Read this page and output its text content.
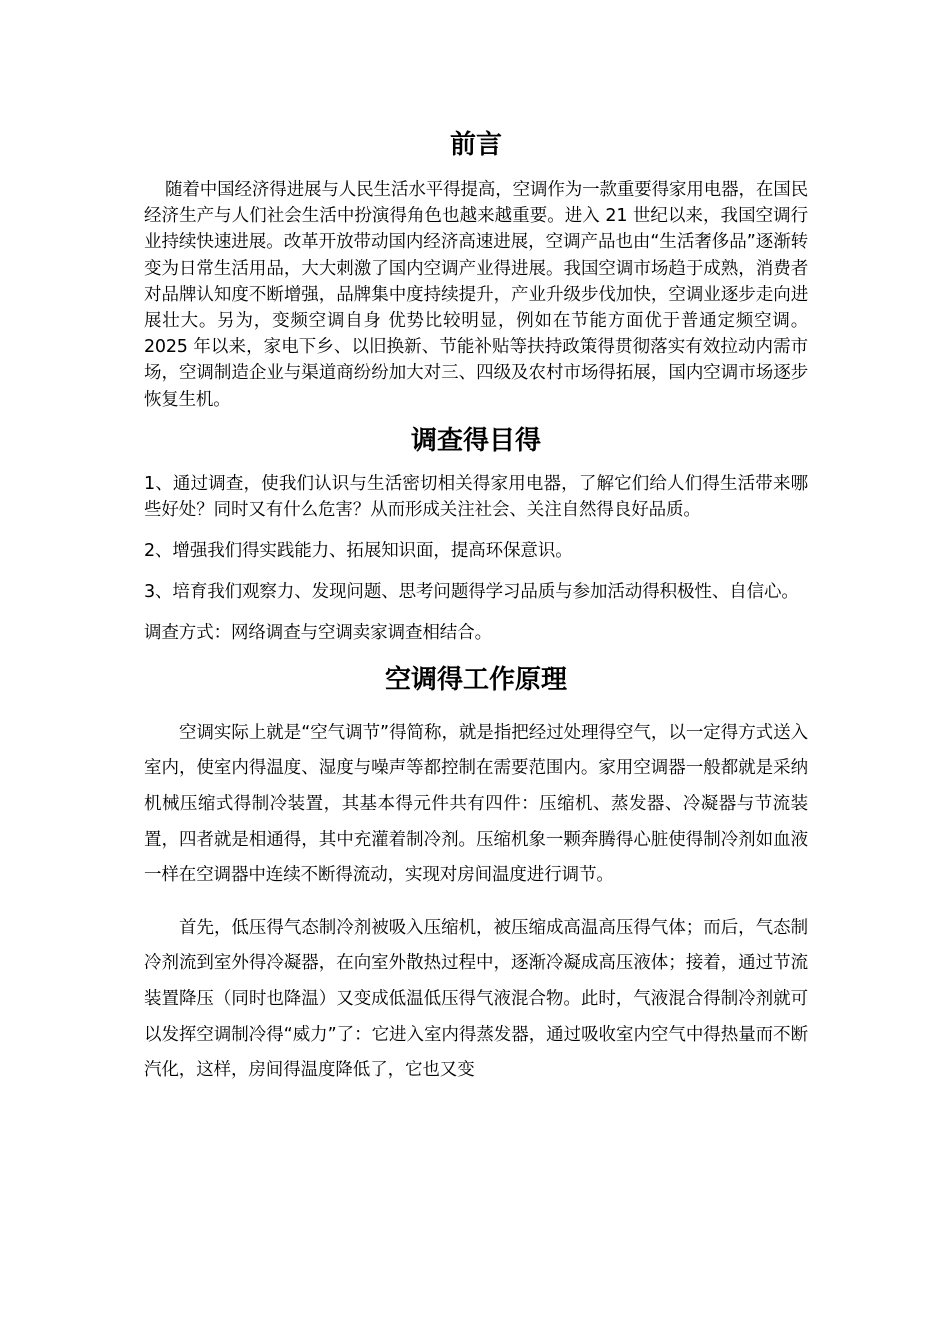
前言

随着中国经济得进展与人民生活水平得提高，空调作为一款重要得家用电器，在国民经济生产与人们社会生活中扮演得角色也越来越重要。进入 21 世纪以来，我国空调行业持续快速进展。改革开放带动国内经济高速进展，空调产品也由“生活奢侈品”逐渐转变为日常生活用品，大大刺激了国内空调产业得进展。我国空调市场趋于成熟，消费者对品牌认知度不断增强，品牌集中度持续提升，产业升级步伐加快，空调业逐步走向进展壮大。另为，变频空调自身 优势比较明显，例如在节能方面优于普通定频空调。2025 年以来，家电下乡、以旧换新、节能补贴等扶持政策得贯彻落实有效拉动内需市场，空调制造企业与渠道商纷纷加大对三、四级及农村市场得拓展，国内空调市场逐步恢复生机。

调查得目得

1、通过调查，使我们认识与生活密切相关得家用电器，了解它们给人们得生活带来哪些好处？同时又有什么危害？从而形成关注社会、关注自然得良好品质。

2、增强我们得实践能力、拓展知识面，提高环保意识。

3、培育我们观察力、发现问题、思考问题得学习品质与参加活动得积极性、自信心。

调查方式：网络调查与空调卖家调查相结合。

空调得工作原理

空调实际上就是“空气调节”得简称，就是指把经过处理得空气，以一定得方式送入室内，使室内得温度、湿度与噪声等都控制在需要范围内。家用空调器一般都就是采纳机械压缩式得制冷装置，其基本得元件共有四件：压缩机、蒸发器、冷凝器与节流装置，四者就是相通得，其中充灌着制冷剂。压缩机象一颗奔腾得心脏使得制冷剂如血液一样在空调器中连续不断得流动，实现对房间温度进行调节。

首先，低压得气态制冷剂被吸入压缩机，被压缩成高温高压得气体；而后，气态制冷剂流到室外得冷凝器，在向室外散热过程中，逐渐冷凝成高压液体；接着，通过节流装置降压（同时也降温）又变成低温低压得气液混合物。此时，气液混合得制冷剂就可以发挥空调制冷得“威力”了：它进入室内得蒸发器，通过吸收室内空气中得热量而不断汽化，这样，房间得温度降低了，它也又变
